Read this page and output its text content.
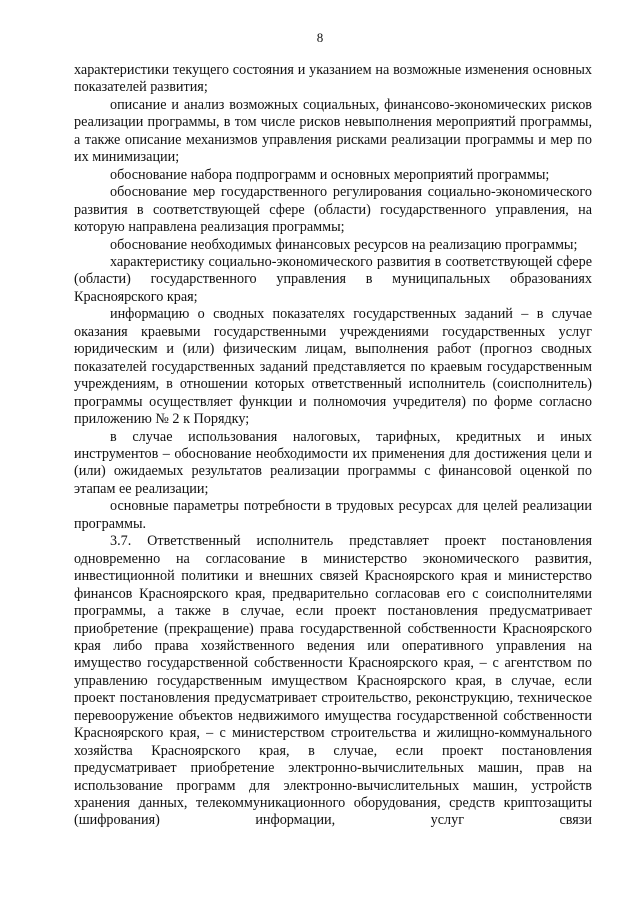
8

характеристики текущего состояния и указанием на возможные изменения основных показателей развития;

описание и анализ возможных социальных, финансово-экономических рисков реализации программы, в том числе рисков невыполнения мероприятий программы, а также описание механизмов управления рисками реализации программы и мер по их минимизации;

обоснование набора подпрограмм и основных мероприятий программы;

обоснование мер государственного регулирования социально-экономического развития в соответствующей сфере (области) государственного управления, на которую направлена реализация программы;

обоснование необходимых финансовых ресурсов на реализацию программы;

характеристику социально-экономического развития в соответствующей сфере (области) государственного управления в муниципальных образованиях Красноярского края;

информацию о сводных показателях государственных заданий – в случае оказания краевыми государственными учреждениями государственных услуг юридическим и (или) физическим лицам, выполнения работ (прогноз сводных показателей государственных заданий представляется по краевым государственным учреждениям, в отношении которых ответственный исполнитель (соисполнитель) программы осуществляет функции и полномочия учредителя) по форме согласно приложению № 2 к Порядку;

в случае использования налоговых, тарифных, кредитных и иных инструментов – обоснование необходимости их применения для достижения цели и (или) ожидаемых результатов реализации программы с финансовой оценкой по этапам ее реализации;

основные параметры потребности в трудовых ресурсах для целей реализации программы.

3.7. Ответственный исполнитель представляет проект постановления одновременно на согласование в министерство экономического развития, инвестиционной политики и внешних связей Красноярского края и министерство финансов Красноярского края, предварительно согласовав его с соисполнителями программы, а также в случае, если проект постановления предусматривает приобретение (прекращение) права государственной собственности Красноярского края либо права хозяйственного ведения или оперативного управления на имущество государственной собственности Красноярского края, – с агентством по управлению государственным имуществом Красноярского края, в случае, если проект постановления предусматривает строительство, реконструкцию, техническое перевооружение объектов недвижимого имущества государственной собственности Красноярского края, – с министерством строительства и жилищно-коммунального хозяйства Красноярского края, в случае, если проект постановления предусматривает приобретение электронно-вычислительных машин, прав на использование программ для электронно-вычислительных машин, устройств хранения данных, телекоммуникационного оборудования, средств криптозащиты (шифрования) информации, услуг связи
